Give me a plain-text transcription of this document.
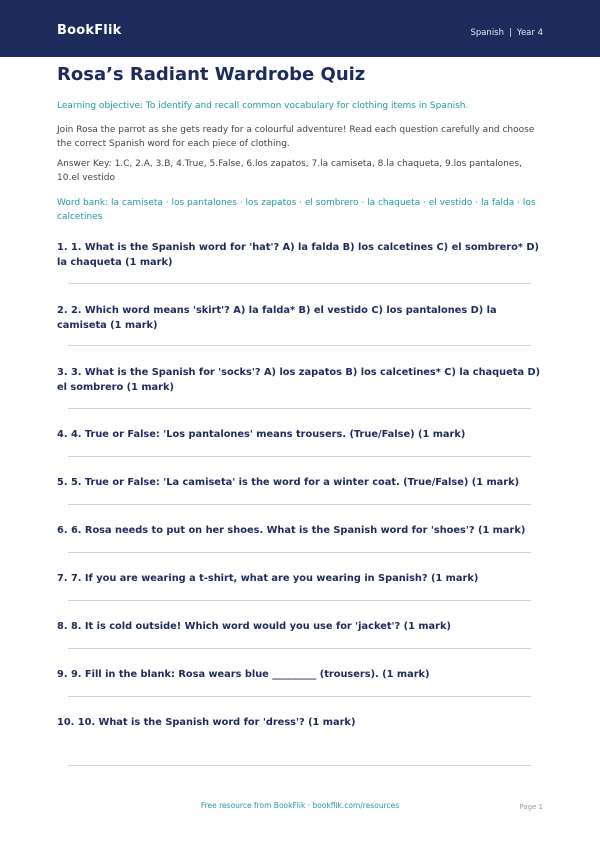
BookFlik	Spanish | Year 4
Rosa’s Radiant Wardrobe Quiz
Learning objective: To identify and recall common vocabulary for clothing items in Spanish.
Join Rosa the parrot as she gets ready for a colourful adventure! Read each question carefully and choose the correct Spanish word for each piece of clothing.
Answer Key: 1.C, 2.A, 3.B, 4.True, 5.False, 6.los zapatos, 7.la camiseta, 8.la chaqueta, 9.los pantalones, 10.el vestido
Word bank: la camiseta · los pantalones · los zapatos · el sombrero · la chaqueta · el vestido · la falda · los calcetines
1. 1. What is the Spanish word for 'hat'? A) la falda B) los calcetines C) el sombrero* D) la chaqueta (1 mark)
2. 2. Which word means 'skirt'? A) la falda* B) el vestido C) los pantalones D) la camiseta (1 mark)
3. 3. What is the Spanish for 'socks'? A) los zapatos B) los calcetines* C) la chaqueta D) el sombrero (1 mark)
4. 4. True or False: 'Los pantalones' means trousers. (True/False) (1 mark)
5. 5. True or False: 'La camiseta' is the word for a winter coat. (True/False) (1 mark)
6. 6. Rosa needs to put on her shoes. What is the Spanish word for 'shoes'? (1 mark)
7. 7. If you are wearing a t-shirt, what are you wearing in Spanish? (1 mark)
8. 8. It is cold outside! Which word would you use for 'jacket'? (1 mark)
9. 9. Fill in the blank: Rosa wears blue _________ (trousers). (1 mark)
10. 10. What is the Spanish word for 'dress'? (1 mark)
Free resource from BookFlik · bookflik.com/resources	Page 1
